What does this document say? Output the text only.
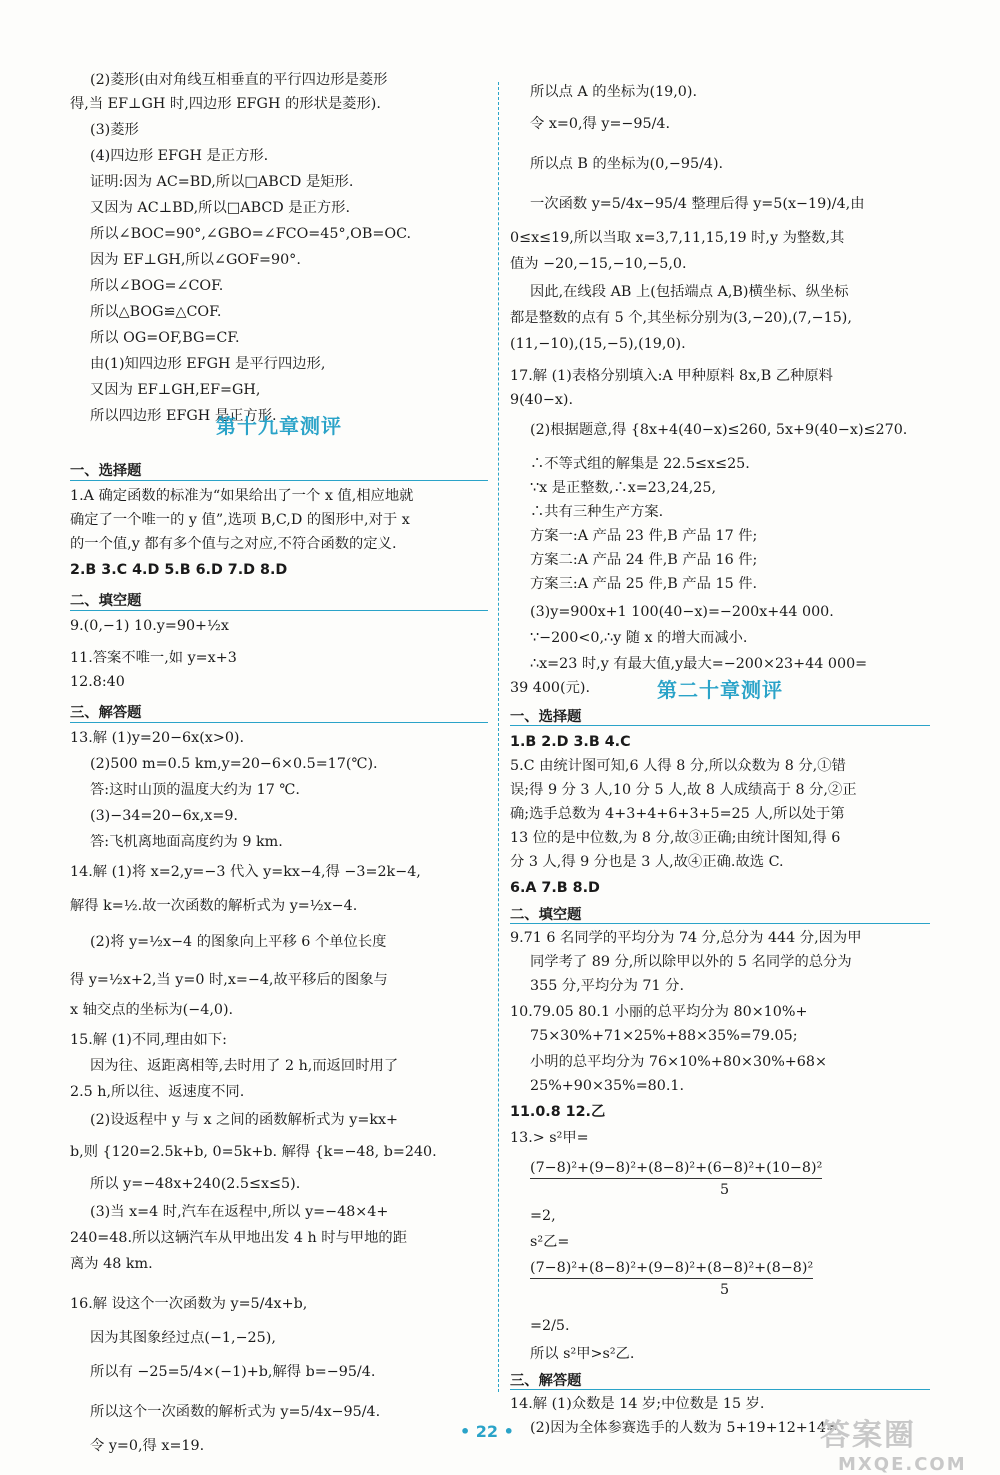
(2)菱形(由对角线互相垂直的平行四边形是菱形
得,当 EF⊥GH 时,四边形 EFGH 的形状是菱形).
(3)菱形
(4)四边形 EFGH 是正方形.
证明:因为 AC=BD,所以□ABCD 是矩形.
又因为 AC⊥BD,所以□ABCD 是正方形.
所以∠BOC=90°,∠GBO=∠FCO=45°,OB=OC.
因为 EF⊥GH,所以∠GOF=90°.
所以∠BOG=∠COF.
所以△BOG≌△COF.
所以 OG=OF,BG=CF.
由(1)知四边形 EFGH 是平行四边形,
又因为 EF⊥GH,EF=GH,
所以四边形 EFGH 是正方形.
第十九章测评
一、选择题
1.A 确定函数的标准为“如果给出了一个 x 值,相应地就
确定了一个唯一的 y 值”,选项 B,C,D 的图形中,对于 x
的一个值,y 都有多个值与之对应,不符合函数的定义.
2.B 3.C 4.D 5.B 6.D 7.D 8.D
二、填空题
9.(0,−1) 10.y=90+½x
11.答案不唯一,如 y=x+3
12.8:40
三、解答题
13.解 (1)y=20−6x(x>0).
(2)500 m=0.5 km,y=20−6×0.5=17(℃).
答:这时山顶的温度大约为 17 ℃.
(3)−34=20−6x,x=9.
答:飞机离地面高度约为 9 km.
14.解 (1)将 x=2,y=−3 代入 y=kx−4,得 −3=2k−4,
解得 k=½.故一次函数的解析式为 y=½x−4.
(2)将 y=½x−4 的图象向上平移 6 个单位长度
得 y=½x+2,当 y=0 时,x=−4,故平移后的图象与
x 轴交点的坐标为(−4,0).
15.解 (1)不同,理由如下:
因为往、返距离相等,去时用了 2 h,而返回时用了
2.5 h,所以往、返速度不同.
(2)设返程中 y 与 x 之间的函数解析式为 y=kx+
b,则 {120=2.5k+b, 0=5k+b. 解得 {k=−48, b=240.
所以 y=−48x+240(2.5≤x≤5).
(3)当 x=4 时,汽车在返程中,所以 y=−48×4+
240=48.所以这辆汽车从甲地出发 4 h 时与甲地的距
离为 48 km.
16.解 设这个一次函数为 y=5/4x+b,
因为其图象经过点(−1,−25),
所以有 −25=5/4×(−1)+b,解得 b=−95/4.
所以这个一次函数的解析式为 y=5/4x−95/4.
令 y=0,得 x=19.
所以点 A 的坐标为(19,0).
令 x=0,得 y=−95/4.
所以点 B 的坐标为(0,−95/4).
一次函数 y=5/4x−95/4 整理后得 y=5(x−19)/4,由
0≤x≤19,所以当取 x=3,7,11,15,19 时,y 为整数,其
值为 −20,−15,−10,−5,0.
因此,在线段 AB 上(包括端点 A,B)横坐标、纵坐标
都是整数的点有 5 个,其坐标分别为(3,−20),(7,−15),
(11,−10),(15,−5),(19,0).
17.解 (1)表格分别填入:A 甲种原料 8x,B 乙种原料
9(40−x).
(2)根据题意,得 {8x+4(40−x)≤260, 5x+9(40−x)≤270.
∴不等式组的解集是 22.5≤x≤25.
∵x 是正整数,∴x=23,24,25,
∴共有三种生产方案.
方案一:A 产品 23 件,B 产品 17 件;
方案二:A 产品 24 件,B 产品 16 件;
方案三:A 产品 25 件,B 产品 15 件.
(3)y=900x+1 100(40−x)=−200x+44 000.
∵−200<0,∴y 随 x 的增大而减小.
∴x=23 时,y 有最大值,y最大=−200×23+44 000=
39 400(元).	第二十章测评
一、选择题
1.B 2.D 3.B 4.C
5.C 由统计图可知,6 人得 8 分,所以众数为 8 分,①错
误;得 9 分 3 人,10 分 5 人,故 8 人成绩高于 8 分,②正
确;选手总数为 4+3+4+6+3+5=25 人,所以处于第
13 位的是中位数,为 8 分,故③正确;由统计图知,得 6
分 3 人,得 9 分也是 3 人,故④正确.故选 C.
6.A 7.B 8.D
二、填空题
9.71 6 名同学的平均分为 74 分,总分为 444 分,因为甲
同学考了 89 分,所以除甲以外的 5 名同学的总分为
355 分,平均分为 71 分.
10.79.05 80.1 小丽的总平均分为 80×10%+
75×30%+71×25%+88×35%=79.05;
小明的总平均分为 76×10%+80×30%+68×
25%+90×35%=80.1.
11.0.8 12.乙
13.> s²甲=
(7−8)²+(9−8)²+(8−8)²+(6−8)²+(10−8)²
5
=2,
s²乙=
(7−8)²+(8−8)²+(9−8)²+(8−8)²+(8−8)²
5
=2/5.
所以 s²甲>s²乙.
三、解答题
14.解 (1)众数是 14 岁;中位数是 15 岁.
(2)因为全体参赛选手的人数为 5+19+12+14=
• 22 •	答案圈
MXQE.COM
